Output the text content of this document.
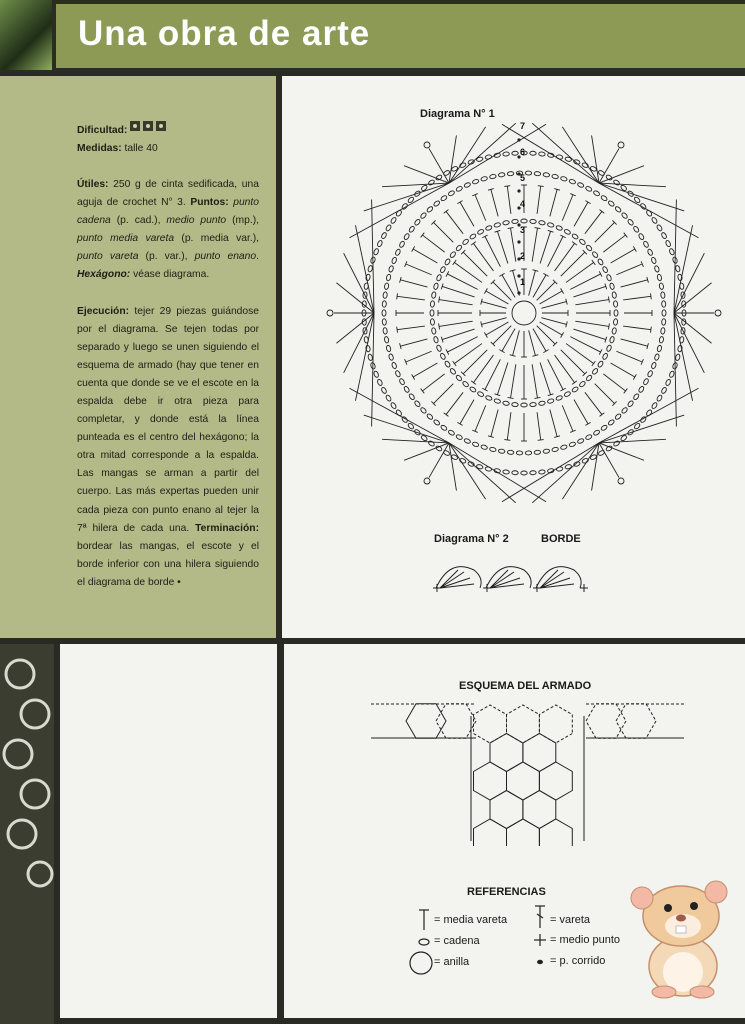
Una obra de arte

Dificultad:

Medidas: talle 40

Útiles: 250 g de cinta sedificada, una aguja de crochet N° 3. Puntos: punto cadena (p. cad.), medio punto (mp.), punto media vareta (p. media var.), punto vareta (p. var.), punto enano. Hexágono: véase diagrama.

Ejecución: tejer 29 piezas guiándose por el diagrama. Se tejen todas por separado y luego se unen siguiendo el esquema de armado (hay que tener en cuenta que donde se ve el escote en la espalda debe ir otra pieza para completar, y donde está la línea punteada es el centro del hexágono; la otra mitad corresponde a la espalda. Las mangas se arman a partir del cuerpo. Las más expertas pueden unir cada pieza con punto enano al tejer la 7ª hilera de cada una. Terminación: bordear las mangas, el escote y el borde inferior con una hilera siguiendo el diagrama de borde •

Diagrama N° 1
1
2
3
4
5
6
7
Diagrama N° 2	BORDE
ESQUEMA DEL ARMADO
REFERENCIAS
= media vareta
= cadena
= anilla
= vareta
= medio punto
= p. corrido
